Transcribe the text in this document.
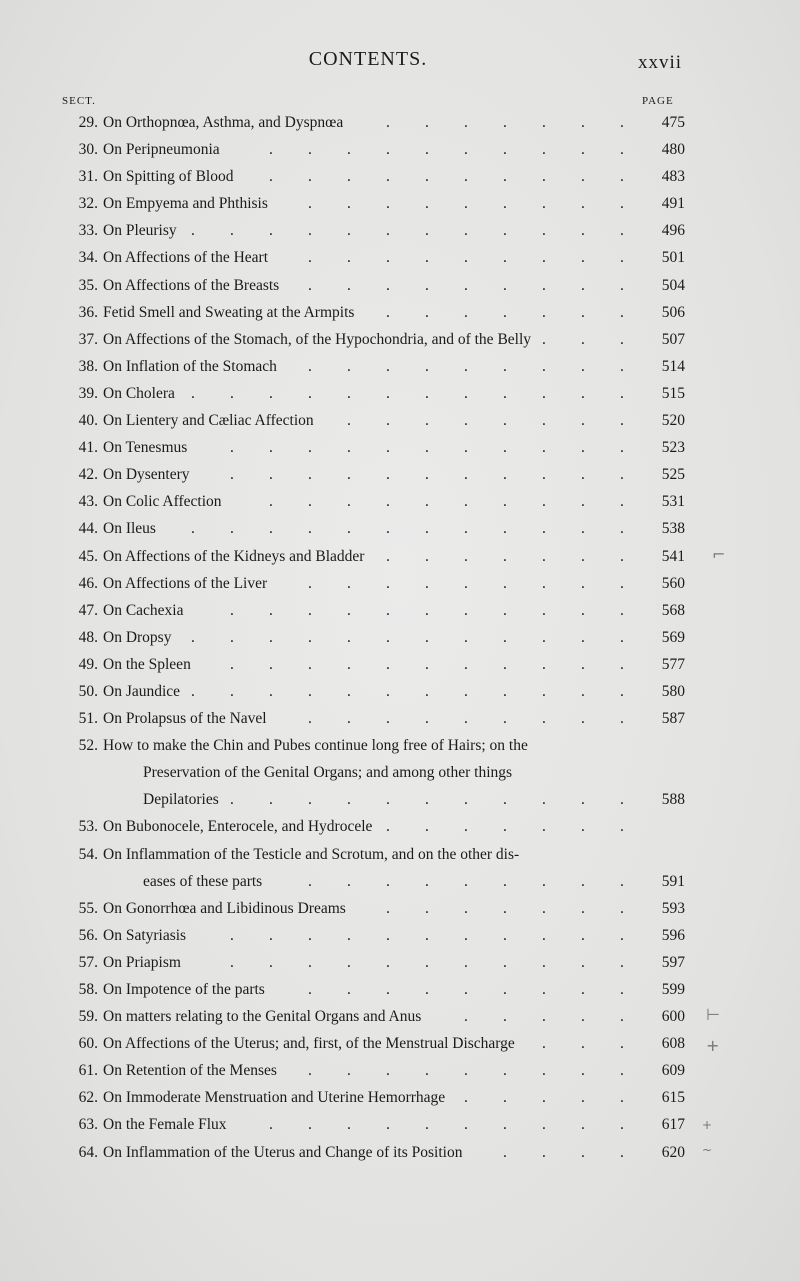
CONTENTS.	xxvii
SECT.	PAGE
29. On Orthopnœa, Asthma, and Dyspnœa	. . . . . . .	475
30. On Peripneumonia	. . . . . . . . . .	480
31. On Spitting of Blood . . . . . . . . . .	483
32. On Empyema and Phthisis	. . . . . . . . .	491
33. On Pleurisy . . . . . . . . . . . .	496
34. On Affections of the Heart	. . . . . . . . .	501
35. On Affections of the Breasts . . . . . . . . .	504
36. Fetid Smell and Sweating at the Armpits . . . . . . .	506
37. On Affections of the Stomach, of the Hypochondria, and of the Belly . . .	507
38. On Inflation of the Stomach . . . . . . . . .	514
39. On Cholera . . . . . . . . . . . .	515
40. On Lientery and Cæliac Affection . . . . . . . .	520
41. On Tenesmus	. . . . . . . . . . .	523
42. On Dysentery	. . . . . . . . . . .	525
43. On Colic Affection	. . . . . . . . . .	531
44. On Ileus . . . . . . . . . . . .	538
45. On Affections of the Kidneys and Bladder . . . . . . .	541
46. On Affections of the Liver	. . . . . . . . .	560
47. On Cachexia	. . . . . . . . . . .	568
48. On Dropsy . . . . . . . . . . . .	569
49. On the Spleen	. . . . . . . . . . .	577
50. On Jaundice . . . . . . . . . . . .	580
51. On Prolapsus of the Navel	. . . . . . . . .	587
52. How to make the Chin and Pubes continue long free of Hairs; on the
Preservation of the Genital Organs; and among other things
Depilatories . . . . . . . . . . .	588
53. On Bubonocele, Enterocele, and Hydrocele . . . . . . .
54. On Inflammation of the Testicle and Scrotum, and on the other dis-
eases of these parts	. . . . . . . . .	591
55. On Gonorrhœa and Libidinous Dreams	. . . . . . .	593
56. On Satyriasis	. . . . . . . . . . .	596
57. On Priapism	. . . . . . . . . . .	597
58. On Impotence of the parts	. . . . . . . . .	599
59. On matters relating to the Genital Organs and Anus	. . . . .	600
60. On Affections of the Uterus; and, first, of the Menstrual Discharge . . .	608
61. On Retention of the Menses . . . . . . . . .	609
62. On Immoderate Menstruation and Uterine Hemorrhage . . . . .	615
63. On the Female Flux	. . . . . . . . . .	617
64. On Inflammation of the Uterus and Change of its Position	. . . .	620
⌐
⊢
+
+
~
